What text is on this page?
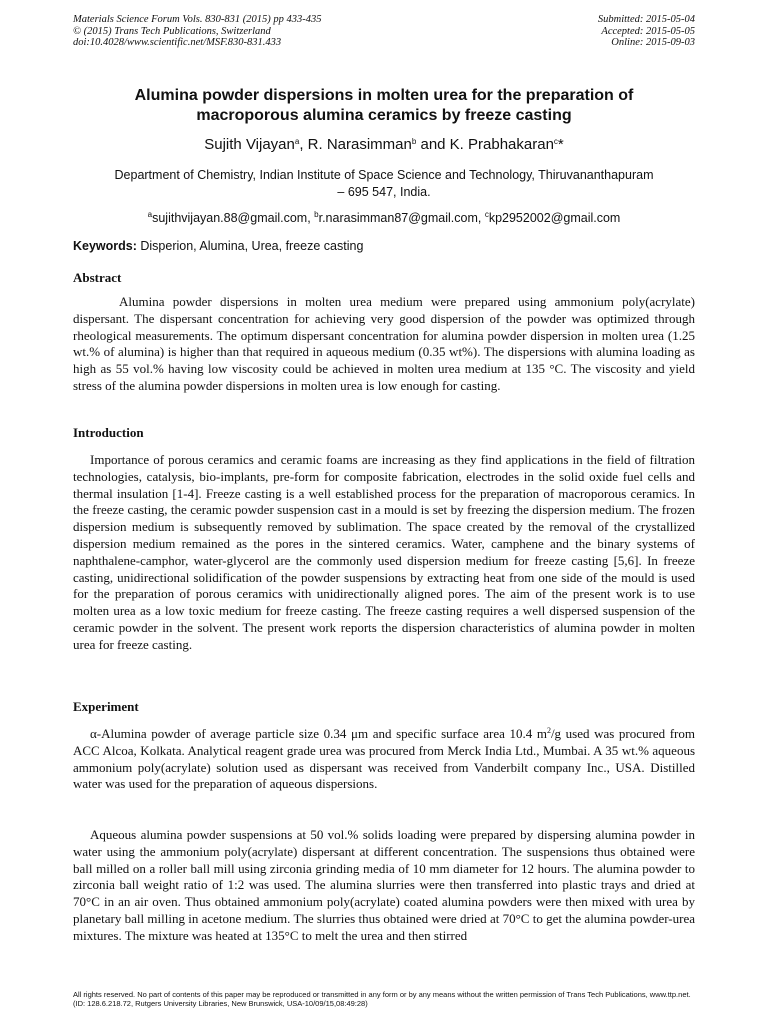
Materials Science Forum Vols. 830-831 (2015) pp 433-435	Submitted: 2015-05-04
© (2015) Trans Tech Publications, Switzerland	Accepted: 2015-05-05
doi:10.4028/www.scientific.net/MSF.830-831.433	Online: 2015-09-03
Alumina powder dispersions in molten urea for the preparation of
macroporous alumina ceramics by freeze casting
Sujith Vijayan$^a$, R. Narasimman$^b$ and K. Prabhakaran$^c$*
Department of Chemistry, Indian Institute of Space Science and Technology, Thiruvananthapuram
– 695 547, India.
$^a$sujithvijayan.88@gmail.com, $^b$r.narasimman87@gmail.com, $^c$kp2952002@gmail.com
Keywords: Disperion, Alumina, Urea, freeze casting
Abstract
Alumina powder dispersions in molten urea medium were prepared using ammonium poly(acrylate) dispersant. The dispersant concentration for achieving very good dispersion of the powder was optimized through rheological measurements. The optimum dispersant concentration for alumina powder dispersion in molten urea (1.25 wt.% of alumina) is higher than that required in aqueous medium (0.35 wt%). The dispersions with alumina loading as high as 55 vol.% having low viscosity could be achieved in molten urea medium at 135 °C. The viscosity and yield stress of the alumina powder dispersions in molten urea is low enough for casting.
Introduction
Importance of porous ceramics and ceramic foams are increasing as they find applications in the field of filtration technologies, catalysis, bio-implants, pre-form for composite fabrication, electrodes in the solid oxide fuel cells and thermal insulation [1-4]. Freeze casting is a well established process for the preparation of macroporous ceramics. In the freeze casting, the ceramic powder suspension cast in a mould is set by freezing the dispersion medium. The frozen dispersion medium is subsequently removed by sublimation. The space created by the removal of the crystallized dispersion medium remained as the pores in the sintered ceramics. Water, camphene and the binary systems of naphthalene-camphor, water-glycerol are the commonly used dispersion medium for freeze casting [5,6]. In freeze casting, unidirectional solidification of the powder suspensions by extracting heat from one side of the mould is used for the preparation of porous ceramics with unidirectionally aligned pores. The aim of the present work is to use molten urea as a low toxic medium for freeze casting. The freeze casting requires a well dispersed suspension of the ceramic powder in the solvent. The present work reports the dispersion characteristics of alumina powder in molten urea for freeze casting.
Experiment
α-Alumina powder of average particle size 0.34 μm and specific surface area 10.4 $m^2/g$ used was procured from ACC Alcoa, Kolkata. Analytical reagent grade urea was procured from Merck India Ltd., Mumbai. A 35 wt.% aqueous ammonium poly(acrylate) solution used as dispersant was received from Vanderbilt company Inc., USA. Distilled water was used for the preparation of aqueous dispersions.
Aqueous alumina powder suspensions at 50 vol.% solids loading were prepared by dispersing alumina powder in water using the ammonium poly(acrylate) dispersant at different concentration. The suspensions thus obtained were ball milled on a roller ball mill using zirconia grinding media of 10 mm diameter for 12 hours. The alumina powder to zirconia ball weight ratio of 1:2 was used. The alumina slurries were then transferred into plastic trays and dried at 70°C in an air oven. Thus obtained ammonium poly(acrylate) coated alumina powders were then mixed with urea by planetary ball milling in acetone medium. The slurries thus obtained were dried at 70°C to get the alumina powder-urea mixtures. The mixture was heated at 135°C to melt the urea and then stirred
All rights reserved. No part of contents of this paper may be reproduced or transmitted in any form or by any means without the written permission of Trans Tech Publications, www.ttp.net. (ID: 128.6.218.72, Rutgers University Libraries, New Brunswick, USA-10/09/15,08:49:28)
